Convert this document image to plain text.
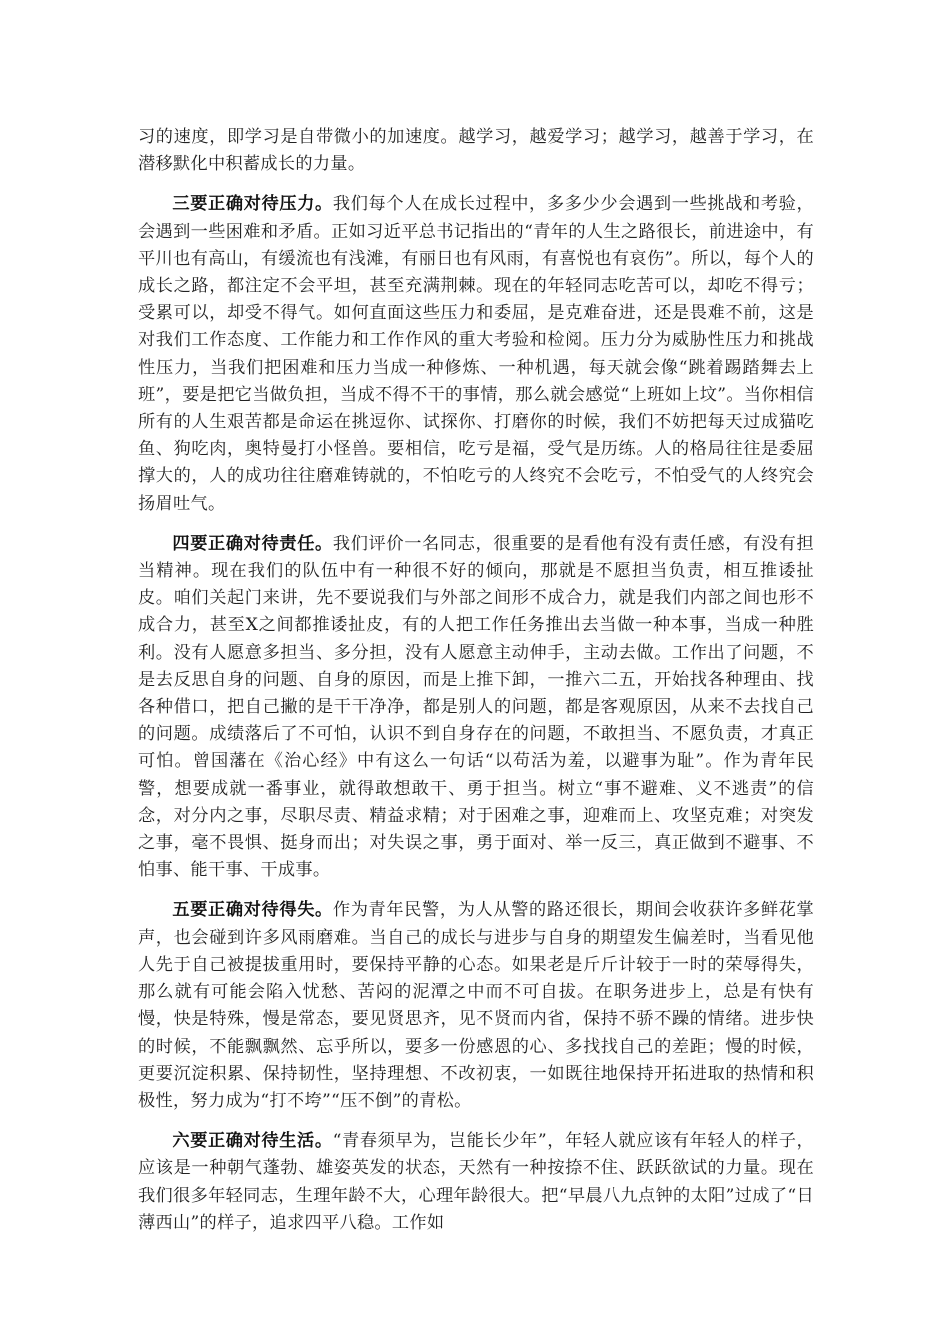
习的速度，即学习是自带微小的加速度。越学习，越爱学习；越学习，越善于学习，在潜移默化中积蓄成长的力量。

三要正确对待压力。我们每个人在成长过程中，多多少少会遇到一些挑战和考验，会遇到一些困难和矛盾。正如习近平总书记指出的“青年的人生之路很长，前进途中，有平川也有高山，有缓流也有浅滩，有丽日也有风雨，有喜悦也有哀伤”。所以，每个人的成长之路，都注定不会平坦，甚至充满荆棘。现在的年轻同志吃苦可以，却吃不得亏；受累可以，却受不得气。如何直面这些压力和委屈，是克难奋进，还是畏难不前，这是对我们工作态度、工作能力和工作作风的重大考验和检阅。压力分为威胁性压力和挑战性压力，当我们把困难和压力当成一种修炼、一种机遇，每天就会像“跳着踢踏舞去上班”，要是把它当做负担，当成不得不干的事情，那么就会感觉“上班如上坟”。当你相信所有的人生艰苦都是命运在挑逗你、试探你、打磨你的时候，我们不妨把每天过成猫吃鱼、狗吃肉，奥特曼打小怪兽。要相信，吃亏是福，受气是历练。人的格局往往是委屈撑大的，人的成功往往磨难铸就的，不怕吃亏的人终究不会吃亏，不怕受气的人终究会扬眉吐气。

四要正确对待责任。我们评价一名同志，很重要的是看他有没有责任感，有没有担当精神。现在我们的队伍中有一种很不好的倾向，那就是不愿担当负责，相互推诿扯皮。咱们关起门来讲，先不要说我们与外部之间形不成合力，就是我们内部之间也形不成合力，甚至X之间都推诿扯皮，有的人把工作任务推出去当做一种本事，当成一种胜利。没有人愿意多担当、多分担，没有人愿意主动伸手，主动去做。工作出了问题，不是去反思自身的问题、自身的原因，而是上推下卸，一推六二五，开始找各种理由、找各种借口，把自己撇的是干干净净，都是别人的问题，都是客观原因，从来不去找自己的问题。成绩落后了不可怕，认识不到自身存在的问题，不敢担当、不愿负责，才真正可怕。曾国藩在《治心经》中有这么一句话“以苟活为羞，以避事为耻”。作为青年民警，想要成就一番事业，就得敢想敢干、勇于担当。树立“事不避难、义不逃责”的信念，对分内之事，尽职尽责、精益求精；对于困难之事，迎难而上、攻坚克难；对突发之事，毫不畏惧、挺身而出；对失误之事，勇于面对、举一反三，真正做到不避事、不怕事、能干事、干成事。

五要正确对待得失。作为青年民警，为人从警的路还很长，期间会收获许多鲜花掌声，也会碰到许多风雨磨难。当自己的成长与进步与自身的期望发生偏差时，当看见他人先于自己被提拔重用时，要保持平静的心态。如果老是斤斤计较于一时的荣辱得失，那么就有可能会陷入忧愁、苦闷的泥潭之中而不可自拔。在职务进步上，总是有快有慢，快是特殊，慢是常态，要见贤思齐，见不贤而内省，保持不骄不躁的情绪。进步快的时候，不能飘飘然、忘乎所以，要多一份感恩的心、多找找自己的差距；慢的时候，更要沉淀积累、保持韧性，坚持理想、不改初衷，一如既往地保持开拓进取的热情和积极性，努力成为“打不垮”“压不倒”的青松。

六要正确对待生活。“青春须早为，岂能长少年”，年轻人就应该有年轻人的样子，应该是一种朝气蓬勃、雄姿英发的状态，天然有一种按捺不住、跃跃欲试的力量。现在我们很多年轻同志，生理年龄不大，心理年龄很大。把“早晨八九点钟的太阳”过成了“日薄西山”的样子，追求四平八稳。工作如
